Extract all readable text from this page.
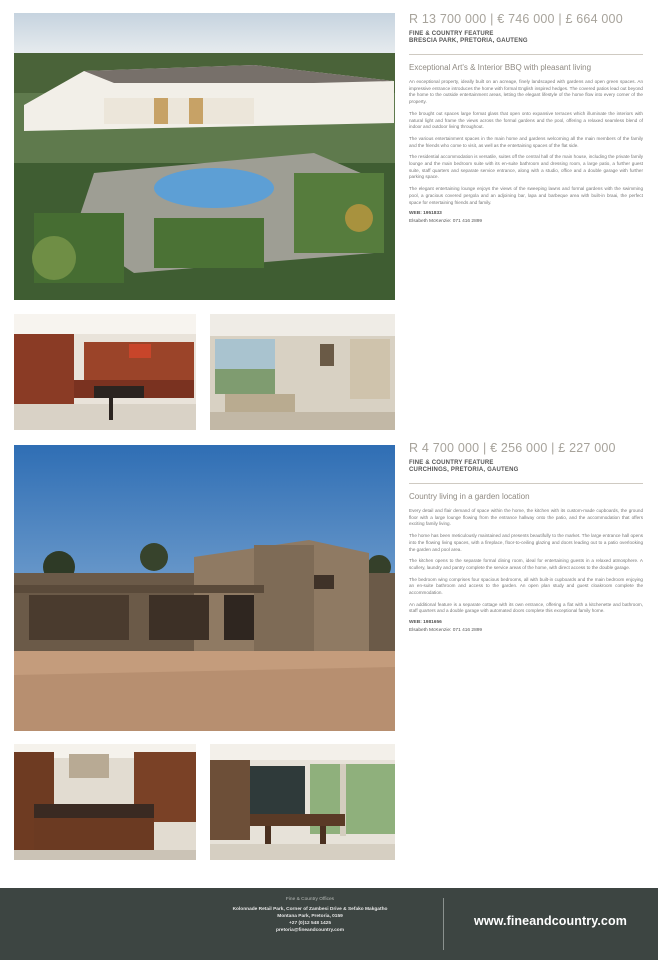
R 13 700 000 | € 746 000 | £ 664 000
FINE & COUNTRY FEATURE
BRESCIA PARK, PRETORIA, GAUTENG
Exceptional Art's & Interior BBQ with pleasant living

An exceptional property, ideally built on an acreage, finely landscaped with gardens and open green spaces. An impressive entrance introduces the home with formal English inspired hedges. The covered patios lead out beyond the home to the outside entertainment areas, letting the elegant lifestyle of the home flow into every corner of the property.

The brought out spaces large format glass that open onto expansive terraces which illuminate the interiors with natural light and frame the views across the formal gardens and the pool, offering a relaxed seamless blend of indoor and outdoor living throughout.

The various entertainment spaces in the main home and gardens welcoming all the main members of the family and the friends who come to visit, as well as the entertaining spaces of the flat side.

The residential accommodation is versatile, suites off the central hall of the main house, including the private family lounge and the main bedroom suite with its en-suite bathroom and dressing room, a large patio, a further guest suite, staff quarters and separate service entrance, along with a studio, office and a double garage with further parking space.

The elegant entertaining lounge enjoys the views of the sweeping lawns and formal gardens with the swimming pool, a gracious covered pergola and an adjoining bar, lapa and barbeque area with built-in braai, the perfect space for entertaining friends and family.

WEB: 1951833
Elsabeth McKenzie: 071 416 2899
R 4 700 000 | € 256 000 | £ 227 000
FINE & COUNTRY FEATURE
CURCHINGS, PRETORIA, GAUTENG
Country living in a garden location

Every detail and flair demand of space within the home, the kitchen with its custom-made cupboards, the ground floor with a large lounge flowing from the entrance hallway onto the patio, and the accommodation that offers exciting family living.

The home has been meticulously maintained and presents beautifully to the market. The large entrance hall opens into the flowing living spaces, with a fireplace, floor-to-ceiling glazing and doors leading out to a patio overlooking the garden and pool area.

The kitchen opens to the separate formal dining room, ideal for entertaining guests in a relaxed atmosphere. A scullery, laundry and pantry complete the service areas of the home, with direct access to the double garage.

The bedroom wing comprises four spacious bedrooms, all with built-in cupboards and the main bedroom enjoying an en-suite bathroom and access to the garden. An open plan study and guest cloakroom complete the accommodation.

An additional feature is a separate cottage with its own entrance, offering a flat with a kitchenette and bathroom, staff quarters and a double garage with automated doors complete this exceptional family home.

WEB: 1981656
Elsabeth McKenzie: 071 416 2899
Fine & Country Offices
Kolonnade Retail Park, Corner of Zambesi Drive & Sefako Makgatho
Montana Park, Pretoria, 0159
+27 (0)12 548 1425
pretoria@fineandcountry.com
www.fineandcountry.com
